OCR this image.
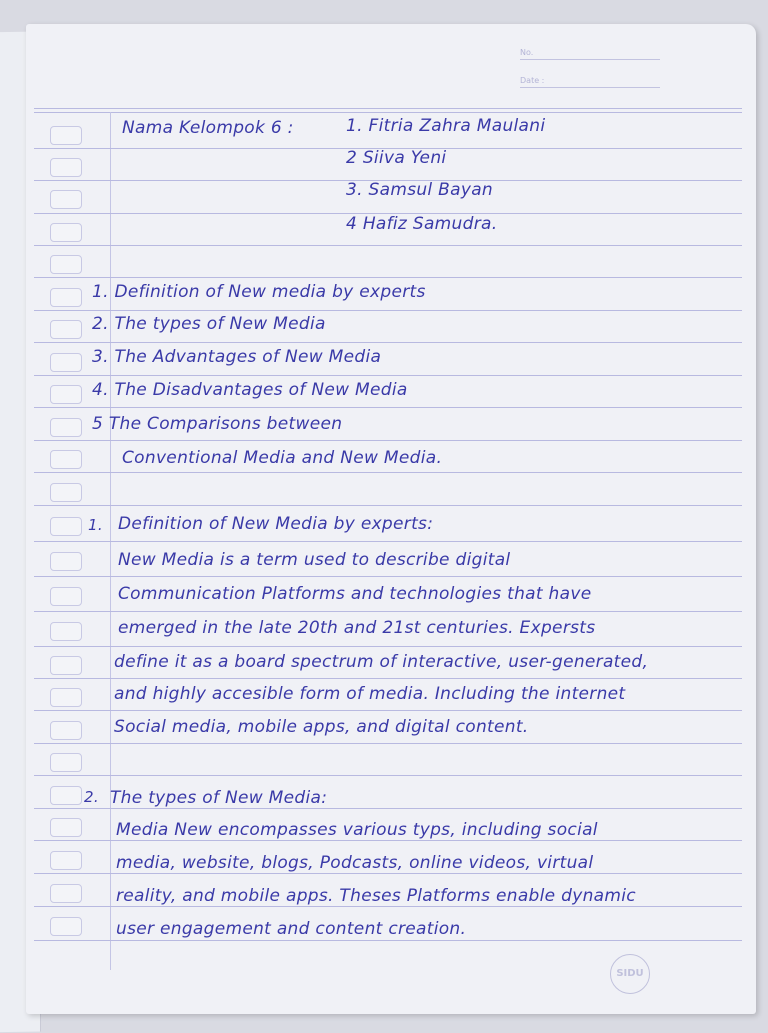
No.
Date :
Nama Kelompok 6 :	1. Fitria Zahra Maulani
2 Siiva Yeni
3. Samsul Bayan
4 Hafiz Samudra.
1. Definition of New media by experts
2. The types of New Media
3. The Advantages of New Media
4. The Disadvantages of New Media
5 The Comparisons between
Conventional Media and New Media.
1. Definition of New Media by experts:
New Media is a term used to describe digital
Communication Platforms and technologies that have
emerged in the late 20th and 21st centuries. Expersts
define it as a board spectrum of interactive, user-generated,
and highly accesible form of media. Including the internet
Social media, mobile apps, and digital content.
2. The types of New Media:
Media New encompasses various typs, including social
media, website, blogs, Podcasts, online videos, virtual
reality, and mobile apps. Theses Platforms enable dynamic
user engagement and content creation.
SIDU
